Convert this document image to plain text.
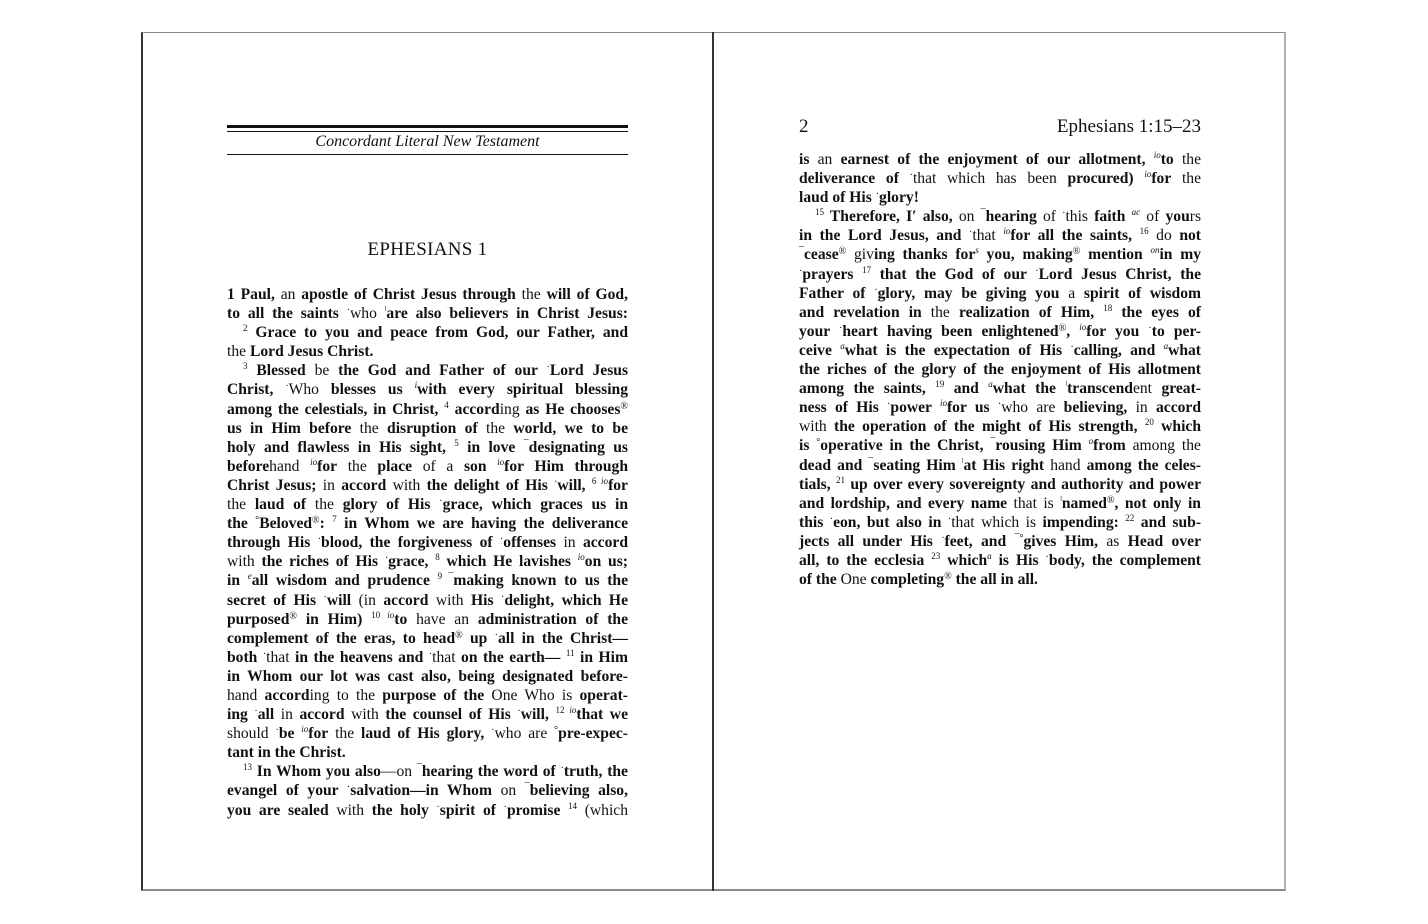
Concordant Literal New Testament
EPHESIANS 1
1 Paul, an apostle of Christ Jesus through the will of God,
to all the saints ·who $^ˡ$are also believers in Christ Jesus:
$^2$ Grace to you and peace from God, our Father, and
the Lord Jesus Christ.
$^3$ Blessed be the God and Father of our ·Lord Jesus
Christ, ·Who blesses us $^i$with every spiritual blessing
among the celestials, in Christ, $^4$ according as He chooses®
us in Him before the disruption of the world, we to be
holy and flawless in His sight, $^5$ in love ¯designating us
beforehand $^{io}$for the place of a son $^{io}$for Him through
Christ Jesus; in accord with the delight of His ·will, $^6$ $^{io}$for
the laud of the glory of His ·grace, which graces us in
the °Beloved®: $^7$ in Whom we are having the deliverance
through His ·blood, the forgiveness of ·offenses in accord
with the riches of His ·grace, $^8$ which He lavishes $^{io}$on us;
in $^e$all wisdom and prudence $^9$ ¯making known to us the
secret of His ·will (in accord with His ·delight, which He
purposed® in Him) $^{10}$ $^{io}$to have an administration of the
complement of the eras, to head® up ·all in the Christ—
both ·that in the heavens and ·that on the earth— $^{11}$ in Him
in Whom our lot was cast also, being designated before-
hand according to the purpose of the One Who is operat-
ing ·all in accord with the counsel of His ·will, $^{12}$ $^{io}$that we
should ·be $^{io}$for the laud of His glory, ·who are °pre-expec-
tant in the Christ.
$^{13}$ In Whom you also—on ¯hearing the word of ·truth, the
evangel of your ·salvation—in Whom on ¯believing also,
you are sealed with the holy ·spirit of ·promise $^{14}$ (which
2	Ephesians 1:15–23
is an earnest of the enjoyment of our allotment, $^{io}$to the
deliverance of ·that which has been procured) $^{io}$for the
laud of His ·glory!
$^{15}$ Therefore, I′ also, on ¯hearing of ·this faith $^{ac}$ of yours
in the Lord Jesus, and ·that $^{io}$for all the saints, $^{16}$ do not
¯cease® giving thanks for$^s$ you, making® mention $^{on}$in my
·prayers $^{17}$ that the God of our ·Lord Jesus Christ, the
Father of ·glory, may be giving you a spirit of wisdom
and revelation in the realization of Him, $^{18}$ the eyes of
your ·heart having been enlightened®, $^{io}$for you ·to per-
ceive $^a$what is the expectation of His ·calling, and $^a$what
the riches of the glory of the enjoyment of His allotment
among the saints, $^{19}$ and $^a$what the $^ˡ$transcendent great-
ness of His ·power $^{io}$for us ·who are believing, in accord
with the operation of the might of His strength, $^{20}$ which
is °operative in the Christ, ¯rousing Him $^o$from among the
dead and ¯seating Him $^ˡ$at His right hand among the celes-
tials, $^{21}$ up over every sovereignty and authority and power
and lordship, and every name that is $^ˡ$named®, not only in
this ·eon, but also in ·that which is impending: $^{22}$ and sub-
jects all under His ·feet, and ¯°gives Him, as Head over
all, to the ecclesia $^{23}$ which$^a$ is His ·body, the complement
of the One completing® the all in all.
